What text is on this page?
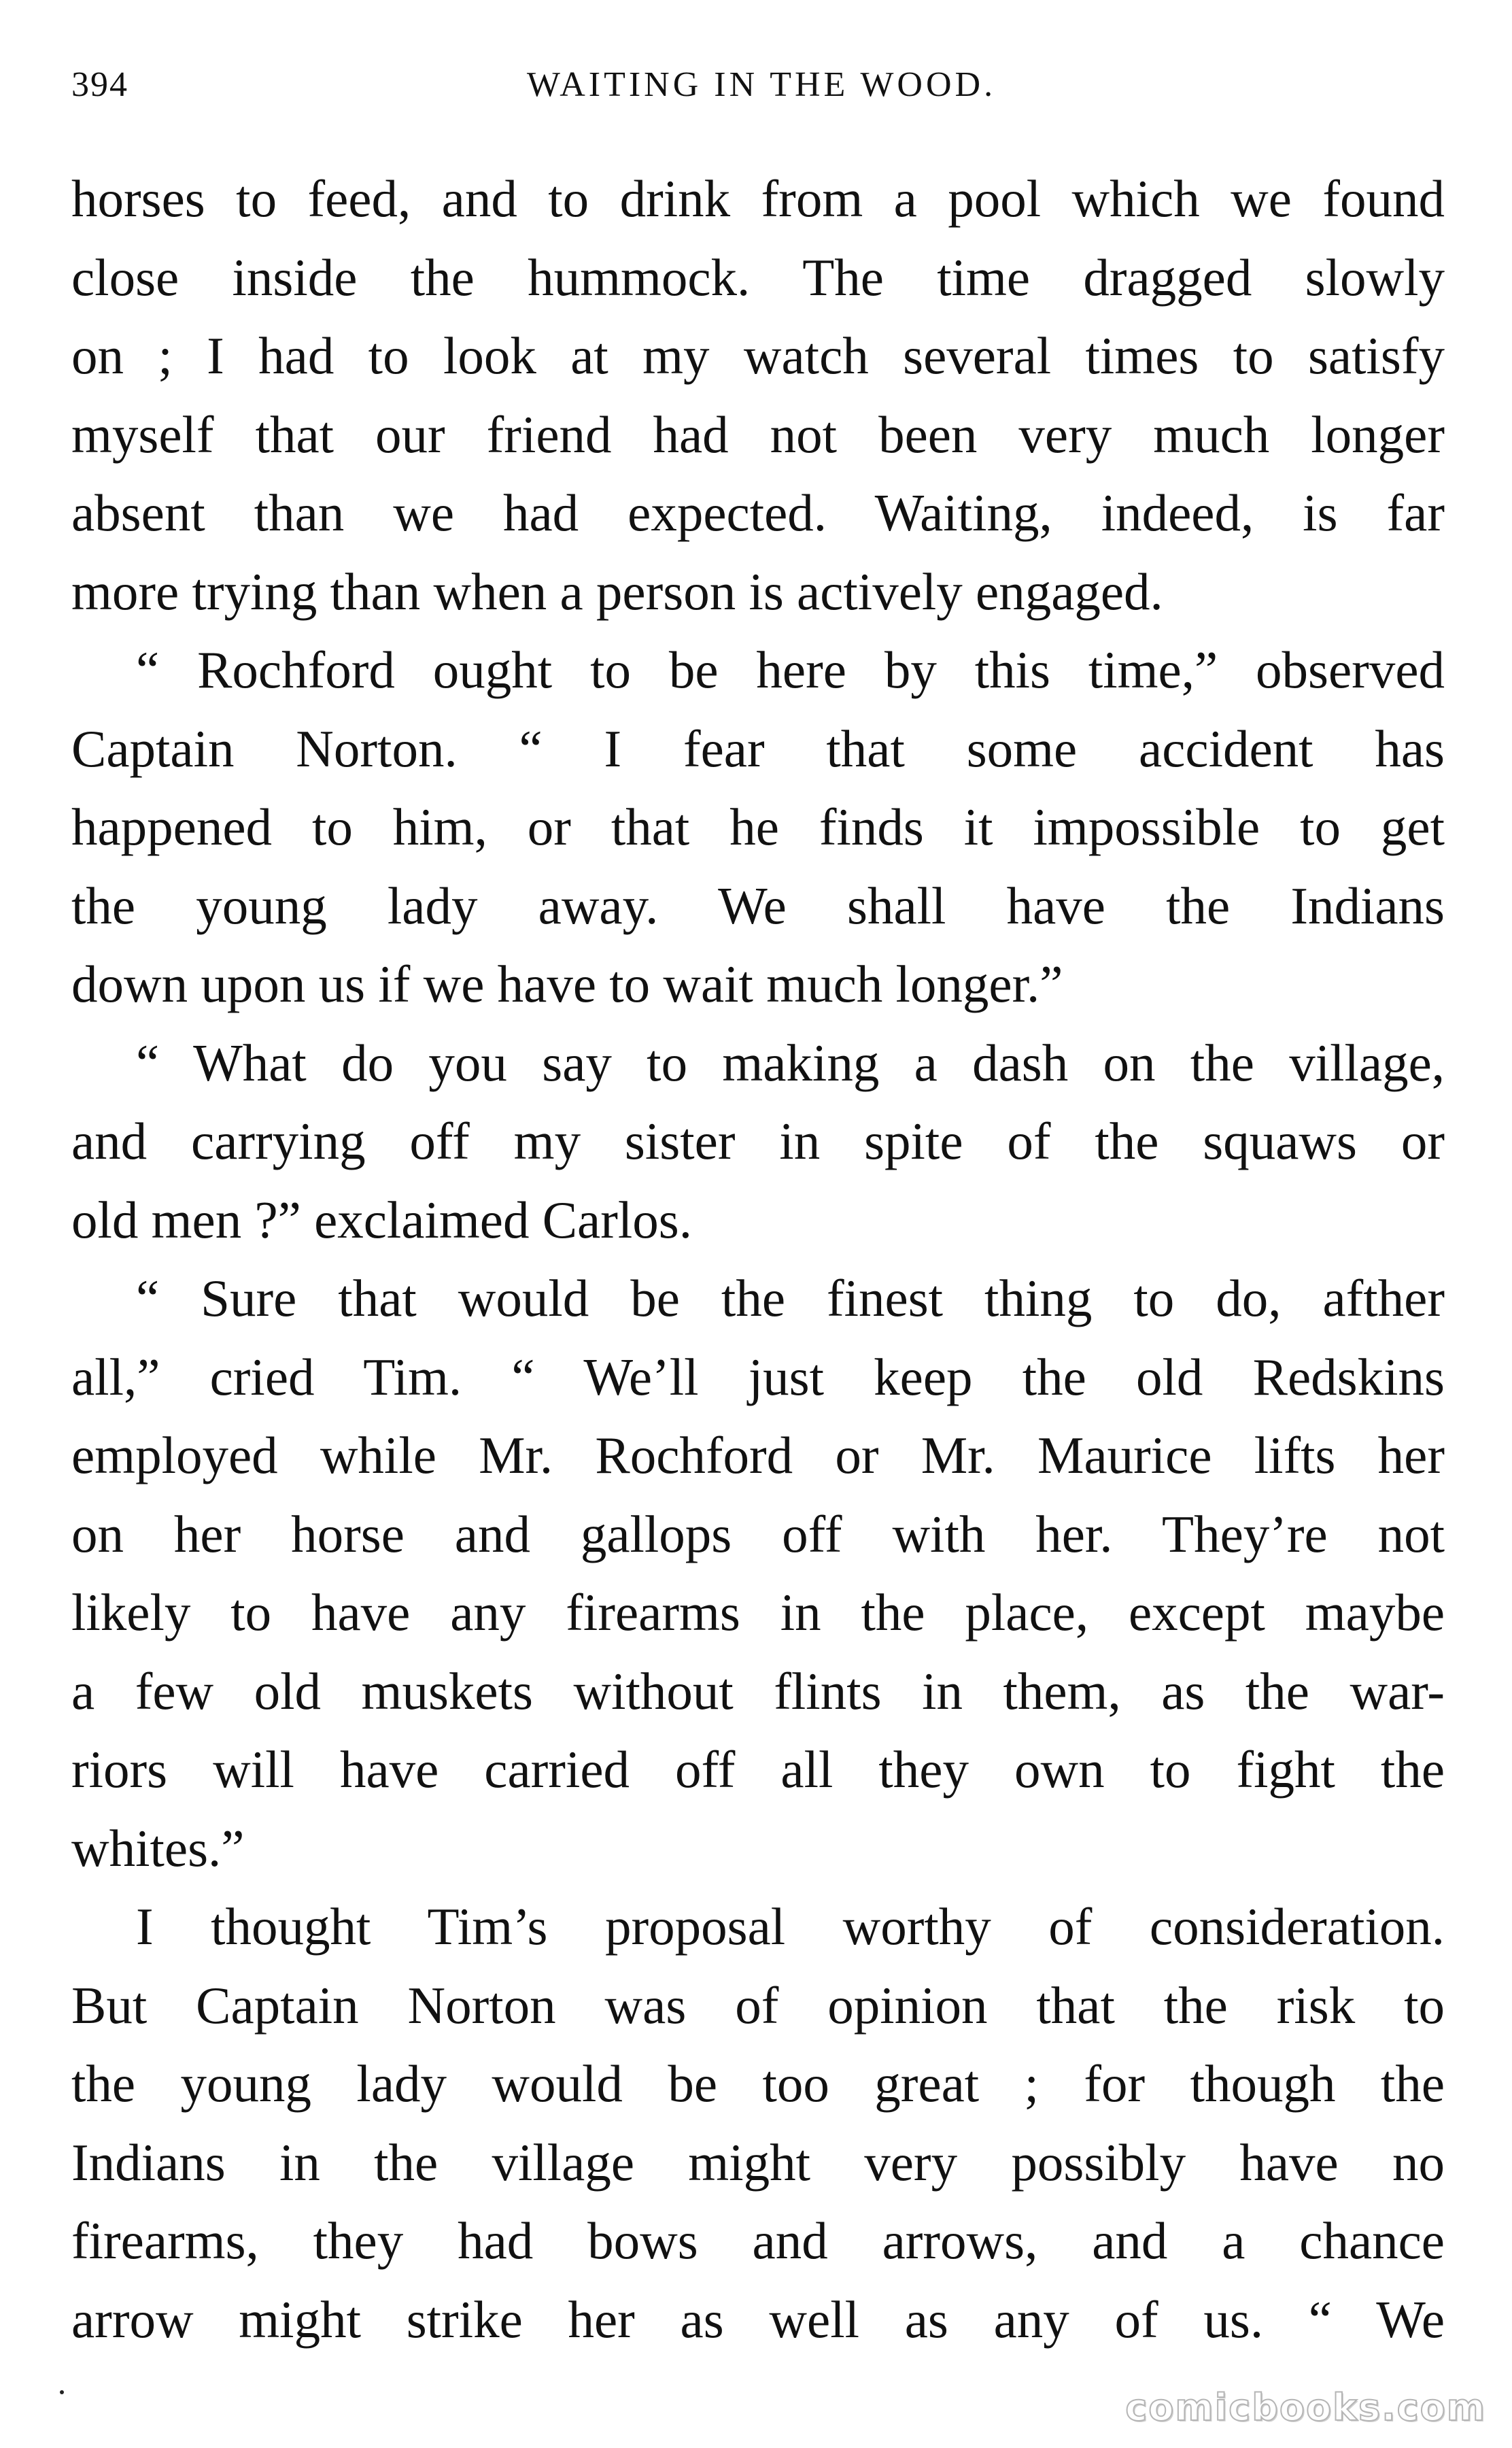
394	WAITING IN THE WOOD.

horses to feed, and to drink from a pool which we found
close inside the hummock. The time dragged slowly
on ; I had to look at my watch several times to satisfy
myself that our friend had not been very much longer
absent than we had expected. Waiting, indeed, is far
more trying than when a person is actively engaged.

“ Rochford ought to be here by this time,” observed
Captain Norton. “ I fear that some accident has
happened to him, or that he finds it impossible to get
the young lady away. We shall have the Indians
down upon us if we have to wait much longer.”

“ What do you say to making a dash on the village,
and carrying off my sister in spite of the squaws or
old men ?” exclaimed Carlos.

“ Sure that would be the finest thing to do, afther
all,” cried Tim. “ We’ll just keep the old Redskins
employed while Mr. Rochford or Mr. Maurice lifts her
on her horse and gallops off with her. They’re not
likely to have any firearms in the place, except maybe
a few old muskets without flints in them, as the war-
riors will have carried off all they own to fight the
whites.”

I thought Tim’s proposal worthy of consideration.
But Captain Norton was of opinion that the risk to
the young lady would be too great ; for though the
Indians in the village might very possibly have no
firearms, they had bows and arrows, and a chance
arrow might strike her as well as any of us. “ We

comicbooks.com
